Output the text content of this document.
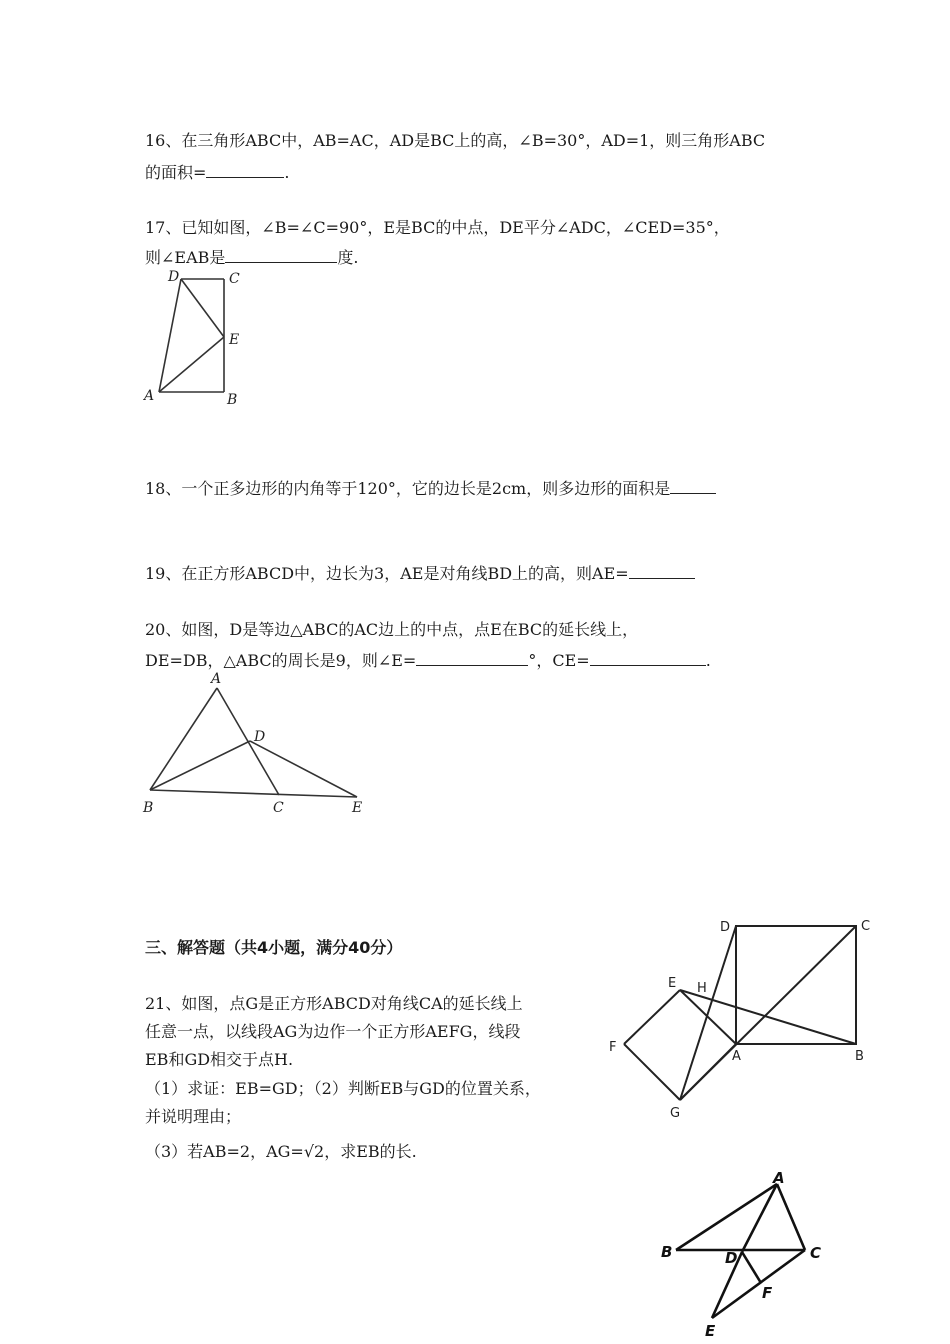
16、在三角形ABC中，AB=AC，AD是BC上的高，∠B=30°，AD=1，则三角形ABC
的面积=	.
17、已知如图，∠B=∠C=90°，E是BC的中点，DE平分∠ADC，∠CED=35°，
则∠EAB是	度.
18、一个正多边形的内角等于120°，它的边长是2cm，则多边形的面积是
19、在正方形ABCD中，边长为3，AE是对角线BD上的高，则AE=
20、如图，D是等边△ABC的AC边上的中点，点E在BC的延长线上，
DE=DB，△ABC的周长是9，则∠E=	°，CE=	.
三、解答题（共4小题，满分40分）
21、如图，点G是正方形ABCD对角线CA的延长线上
任意一点，以线段AG为边作一个正方形AEFG，线段
EB和GD相交于点H.
（1）求证：EB=GD；（2）判断EB与GD的位置关系，
并说明理由；
（3）若AB=2，AG=√2，求EB的长.
D	C
E
A	B
A
D
B	C	E
D	C
E H
F
A	B
G
A
B	D	C
F
E
